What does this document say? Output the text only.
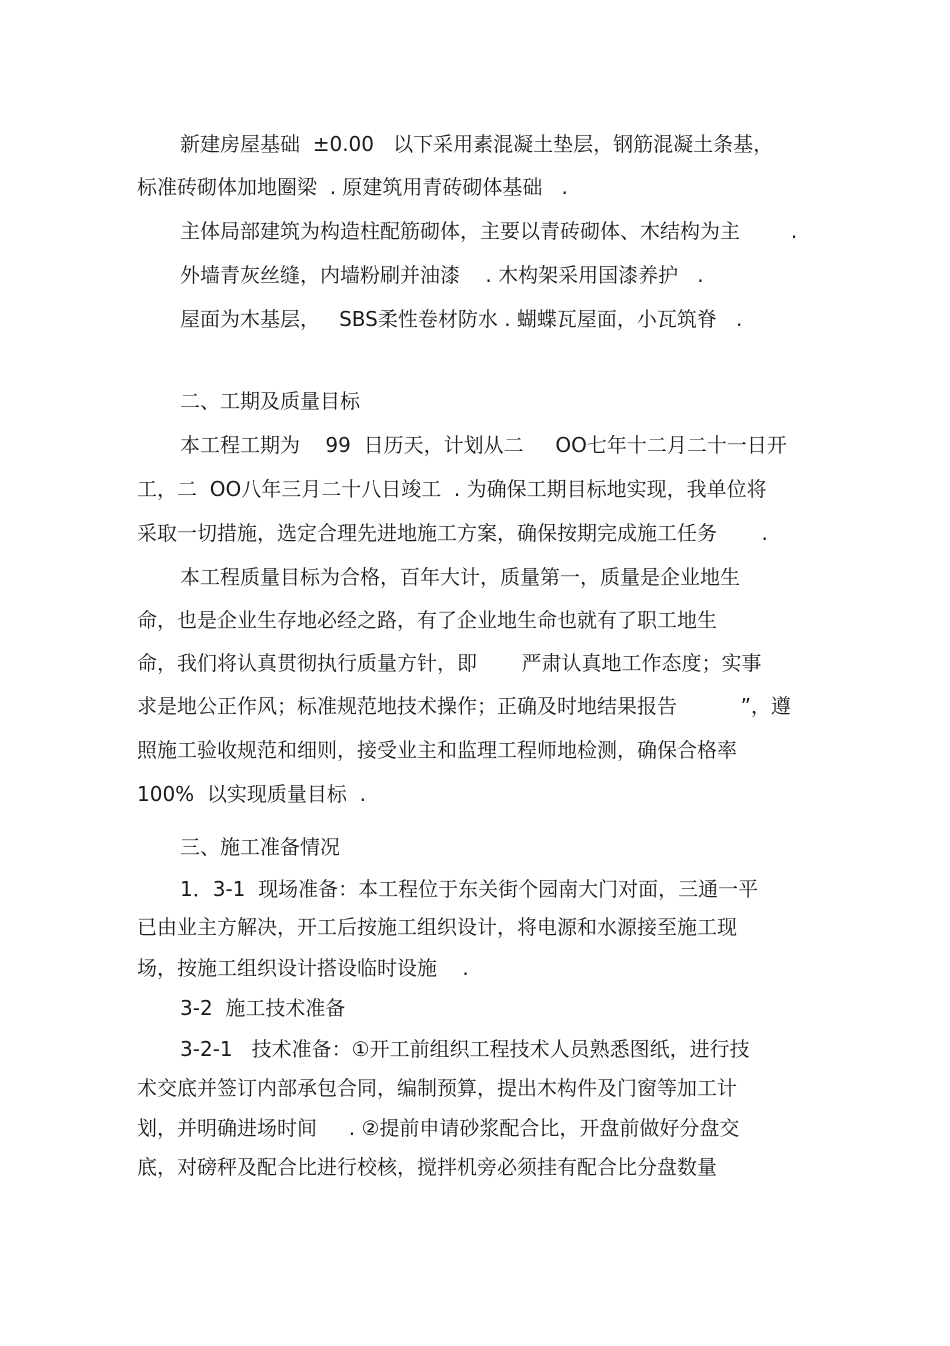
新建房屋基础  ±0.00   以下采用素混凝土垫层，钢筋混凝土条基，

标准砖砌体加地圈梁  . 原建筑用青砖砌体基础   .

主体局部建筑为构造柱配筋砌体，主要以青砖砌体、木结构为主        .

外墙青灰丝缝，内墙粉刷并油漆    . 木构架采用国漆养护   .

屋面为木基层，   SBS柔性卷材防水 . 蝴蝶瓦屋面，小瓦筑脊   .

二、工期及质量目标

本工程工期为    99  日历天，计划从二     OO七年十二月二十一日开

工，二  OO八年三月二十八日竣工  . 为确保工期目标地实现，我单位将

采取一切措施，选定合理先进地施工方案，确保按期完成施工任务       .

本工程质量目标为合格，百年大计，质量第一，质量是企业地生

命，也是企业生存地必经之路，有了企业地生命也就有了职工地生

命，我们将认真贯彻执行质量方针，即       严肃认真地工作态度；实事

求是地公正作风；标准规范地技术操作；正确及时地结果报告          ”，遵

照施工验收规范和细则，接受业主和监理工程师地检测，确保合格率

100%  以实现质量目标  .

三、施工准备情况

1．3-1  现场准备：本工程位于东关街个园南大门对面，三通一平

已由业主方解决，开工后按施工组织设计，将电源和水源接至施工现

场，按施工组织设计搭设临时设施    .

3-2  施工技术准备

3-2-1   技术准备：①开工前组织工程技术人员熟悉图纸，进行技

术交底并签订内部承包合同，编制预算，提出木构件及门窗等加工计

划，并明确进场时间     . ②提前申请砂浆配合比，开盘前做好分盘交

底，对磅秤及配合比进行校核，搅拌机旁必须挂有配合比分盘数量
